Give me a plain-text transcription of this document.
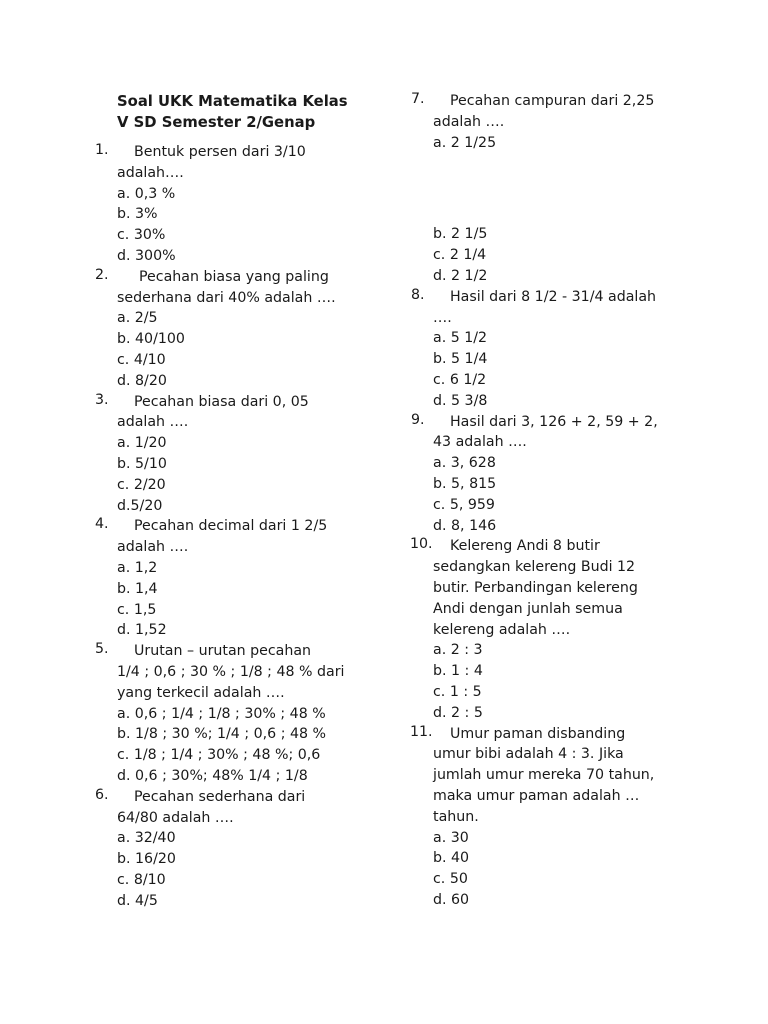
Soal UKK Matematika Kelas
V SD Semester 2/Genap
1.	Bentuk persen dari 3/10
adalah….
a. 0,3 %
b. 3%
c. 30%
d. 300%
2.	Pecahan biasa yang paling
sederhana dari 40% adalah ….
a. 2/5
b. 40/100
c. 4/10
d. 8/20
3.	Pecahan biasa dari 0, 05
adalah ….
a. 1/20
b. 5/10
c. 2/20
d.5/20
4.	Pecahan decimal dari 1 2/5
adalah ….
a. 1,2
b. 1,4
c. 1,5
d. 1,52
5.	Urutan – urutan pecahan
1/4 ; 0,6 ; 30 % ; 1/8 ; 48 % dari
yang terkecil adalah ….
a. 0,6 ; 1/4 ; 1/8 ; 30% ; 48 %
b. 1/8 ; 30 %; 1/4 ; 0,6 ; 48 %
c. 1/8 ; 1/4 ; 30% ; 48 %; 0,6
d. 0,6 ; 30%; 48% 1/4 ; 1/8
6.	Pecahan sederhana dari
64/80 adalah ….
a. 32/40
b. 16/20
c. 8/10
d. 4/5
7.	Pecahan campuran dari 2,25
adalah ….
a. 2 1/25
b. 2 1/5
c. 2 1/4
d. 2 1/2
8.	Hasil dari 8 1/2 - 31/4 adalah
….
a. 5 1/2
b. 5 1/4
c. 6 1/2
d. 5 3/8
9.	Hasil dari 3, 126 + 2, 59 + 2,
43 adalah ….
a. 3, 628
b. 5, 815
c. 5, 959
d. 8, 146
10.	Kelereng Andi 8 butir
sedangkan kelereng Budi 12
butir. Perbandingan kelereng
Andi dengan junlah semua
kelereng adalah ….
a. 2 : 3
b. 1 : 4
c. 1 : 5
d. 2 : 5
11.	Umur paman disbanding
umur bibi adalah 4 : 3. Jika
jumlah umur mereka 70 tahun,
maka umur paman adalah …
tahun.
a. 30
b. 40
c. 50
d. 60
